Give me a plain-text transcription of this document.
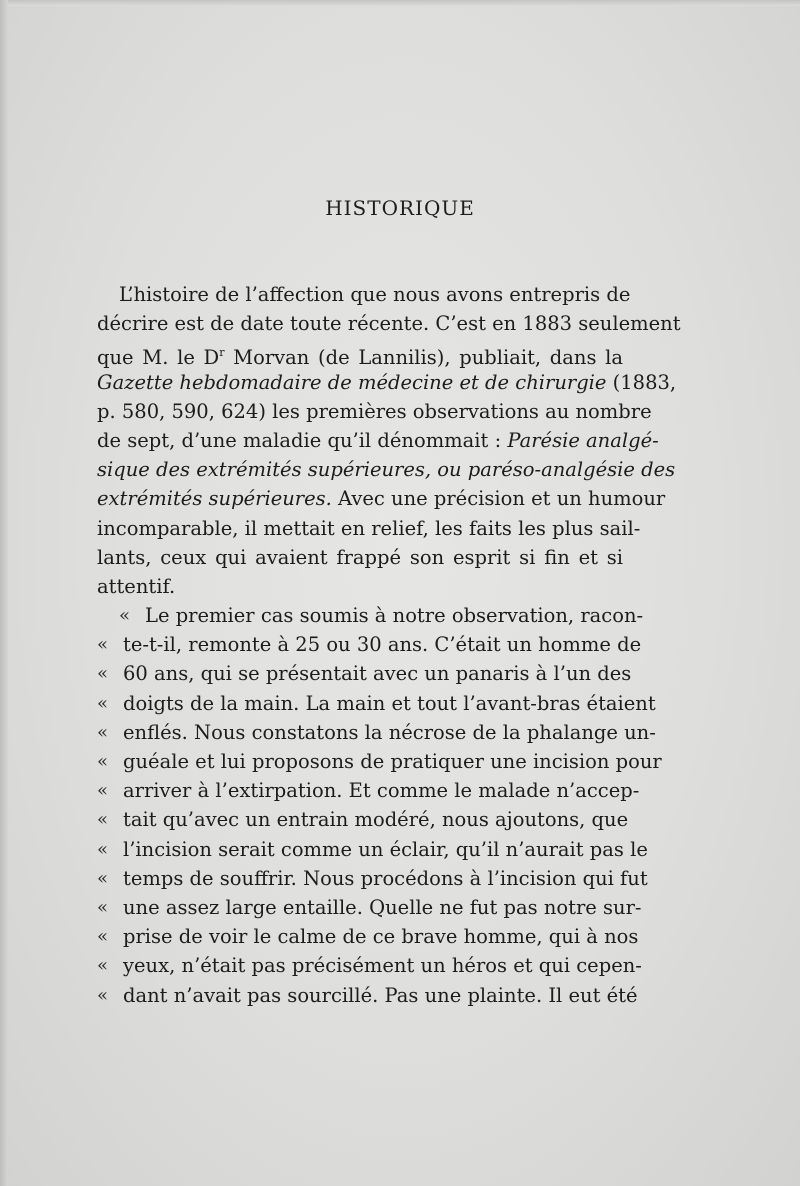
HISTORIQUE
L’histoire de l’affection que nous avons entrepris de
décrire est de date toute récente. C’est en 1883 seulement
que M. le $D^r$ Morvan (de Lannilis), publiait, dans la
Gazette hebdomadaire de médecine et de chirurgie (1883,
p. 580, 590, 624) les premières observations au nombre
de sept, d’une maladie qu’il dénommait : Parésie analgé-
sique des extrémités supérieures, ou paréso-analgésie des
extrémités supérieures. Avec une précision et un humour
incomparable, il mettait en relief, les faits les plus sail-
lants, ceux qui avaient frappé son esprit si fin et si
attentif.
« Le premier cas soumis à notre observation, racon-
« te-t-il, remonte à 25 ou 30 ans. C’était un homme de
« 60 ans, qui se présentait avec un panaris à l’un des
« doigts de la main. La main et tout l’avant-bras étaient
« enflés. Nous constatons la nécrose de la phalange un-
« guéale et lui proposons de pratiquer une incision pour
« arriver à l’extirpation. Et comme le malade n’accep-
« tait qu’avec un entrain modéré, nous ajoutons, que
« l’incision serait comme un éclair, qu’il n’aurait pas le
« temps de souffrir. Nous procédons à l’incision qui fut
« une assez large entaille. Quelle ne fut pas notre sur-
« prise de voir le calme de ce brave homme, qui à nos
« yeux, n’était pas précisément un héros et qui cepen-
« dant n’avait pas sourcillé. Pas une plainte. Il eut été
